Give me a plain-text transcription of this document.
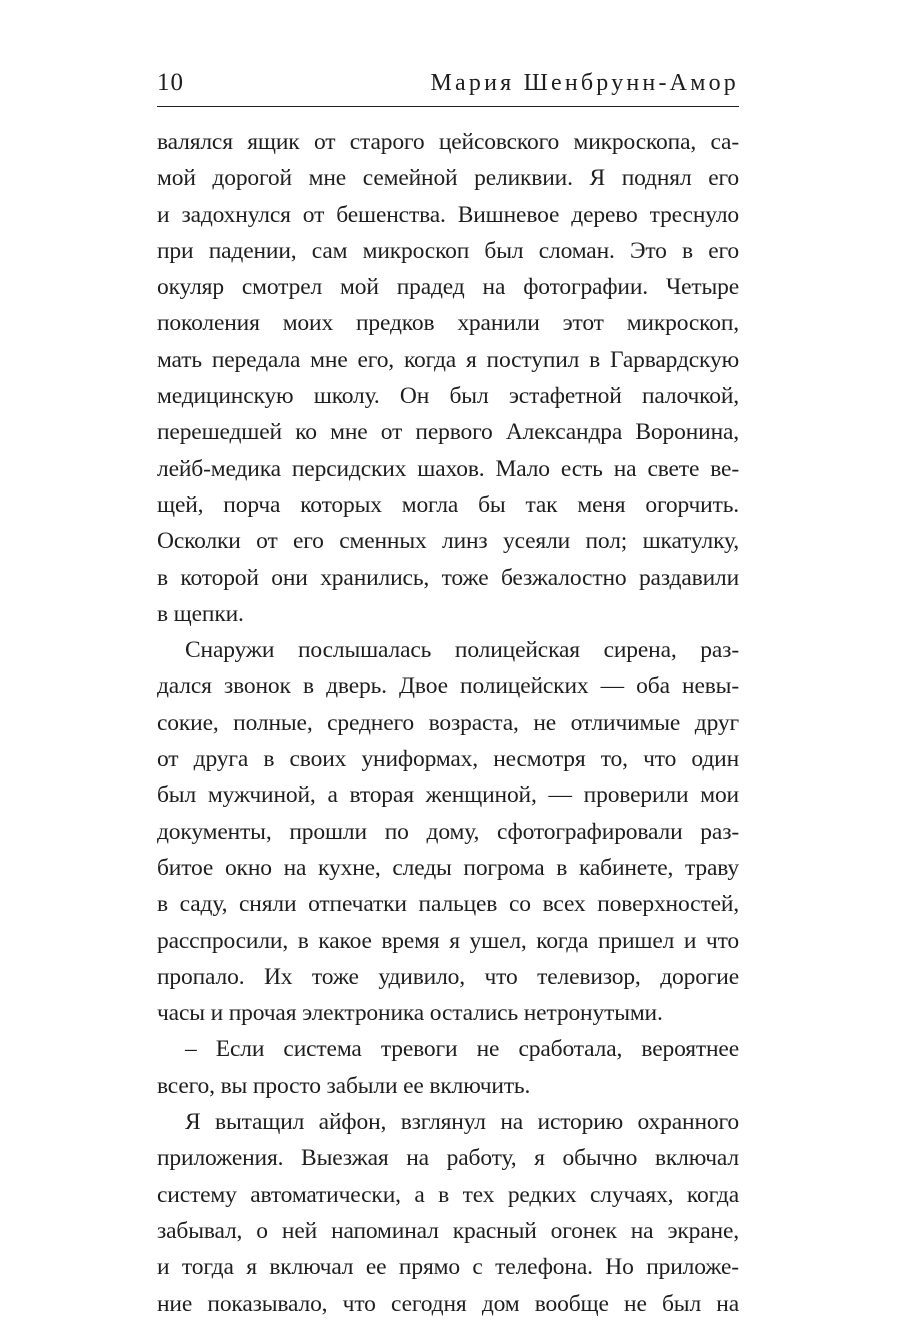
10	Мария Шенбрунн-Амор
валялся ящик от старого цейсовского микроскопа, са-
мой дорогой мне семейной реликвии. Я поднял его
и задохнулся от бешенства. Вишневое дерево треснуло
при падении, сам микроскоп был сломан. Это в его
окуляр смотрел мой прадед на фотографии. Четыре
поколения моих предков хранили этот микроскоп,
мать передала мне его, когда я поступил в Гарвардскую
медицинскую школу. Он был эстафетной палочкой,
перешедшей ко мне от первого Александра Воронина,
лейб-медика персидских шахов. Мало есть на свете ве-
щей, порча которых могла бы так меня огорчить.
Осколки от его сменных линз усеяли пол; шкатулку,
в которой они хранились, тоже безжалостно раздавили
в щепки.
Снаружи послышалась полицейская сирена, раз-
дался звонок в дверь. Двое полицейских — оба невы-
сокие, полные, среднего возраста, не отличимые друг
от друга в своих униформах, несмотря то, что один
был мужчиной, а вторая женщиной, — проверили мои
документы, прошли по дому, сфотографировали раз-
битое окно на кухне, следы погрома в кабинете, траву
в саду, сняли отпечатки пальцев со всех поверхностей,
расспросили, в какое время я ушел, когда пришел и что
пропало. Их тоже удивило, что телевизор, дорогие
часы и прочая электроника остались нетронутыми.
– Если система тревоги не сработала, вероятнее
всего, вы просто забыли ее включить.
Я вытащил айфон, взглянул на историю охранного
приложения. Выезжая на работу, я обычно включал
систему автоматически, а в тех редких случаях, когда
забывал, о ней напоминал красный огонек на экране,
и тогда я включал ее прямо с телефона. Но приложе-
ние показывало, что сегодня дом вообще не был на
